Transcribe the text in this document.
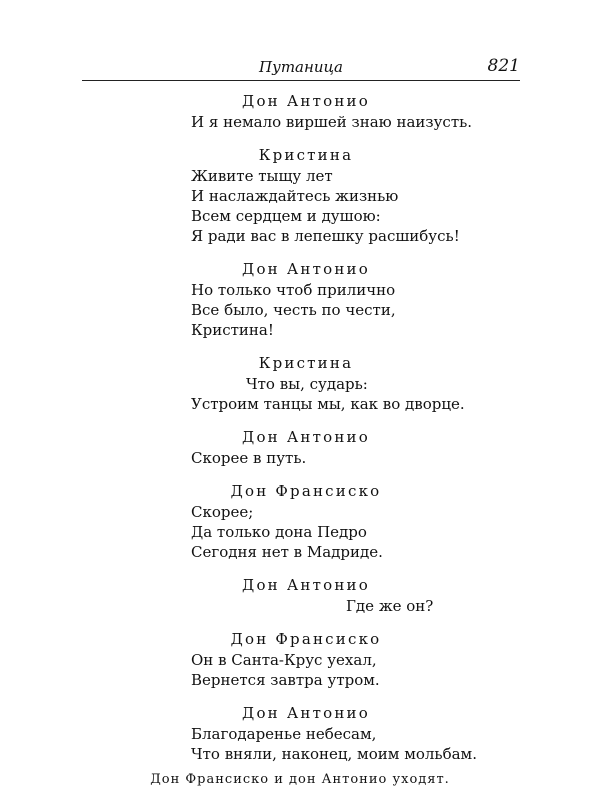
Путаница	821
Дон Антонио
И я немало виршей знаю наизусть.
Кристина
Живите тыщу лет
И наслаждайтесь жизнью
Всем сердцем и душою:
Я ради вас в лепешку расшибусь!
Дон Антонио
Но только чтоб прилично
Все было, честь по чести,
Кристина!
Кристина
Что вы, сударь:
Устроим танцы мы, как во дворце.
Дон Антонио
Скорее в путь.
Дон Франсиско
Скорее;
Да только дона Педро
Сегодня нет в Мадриде.
Дон Антонио
Где же он?
Дон Франсиско
Он в Санта-Крус уехал,
Вернется завтра утром.
Дон Антонио
Благодаренье небесам,
Что вняли, наконец, моим мольбам.
Дон Франсиско и дон Антонио уходят.
